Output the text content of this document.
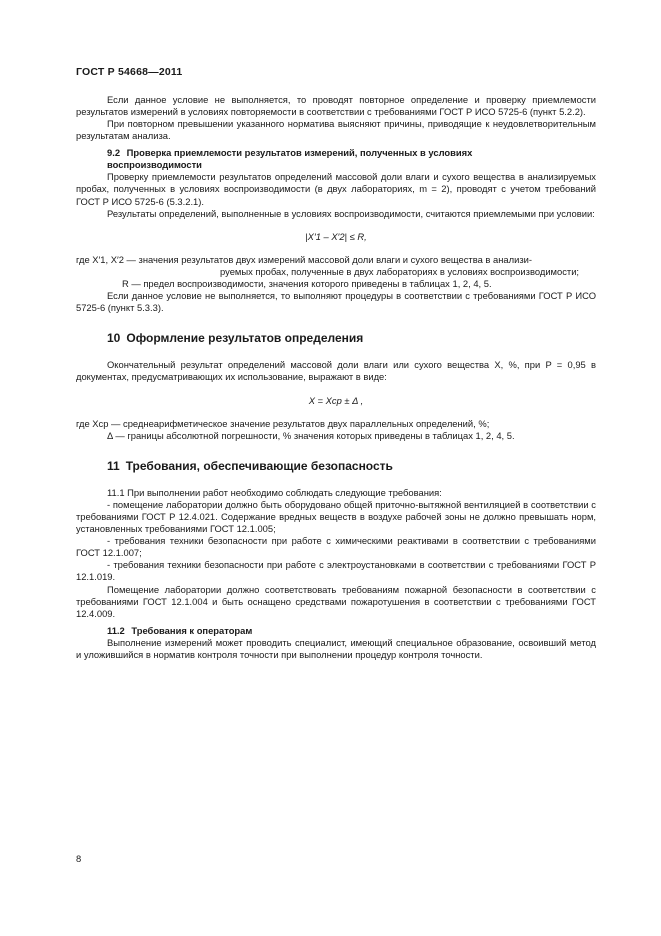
ГОСТ Р 54668—2011

Если данное условие не выполняется, то проводят повторное определение и проверку приемлемости результатов измерений в условиях повторяемости в соответствии с требованиями ГОСТ Р ИСО 5725-6 (пункт 5.2.2).

При повторном превышении указанного норматива выясняют причины, приводящие к неудовлетворительным результатам анализа.

9.2 Проверка приемлемости результатов измерений, полученных в условиях
воспроизводимости

Проверку приемлемости результатов определений массовой доли влаги и сухого вещества в анализируемых пробах, полученных в условиях воспроизводимости (в двух лабораториях, m = 2), проводят с учетом требований ГОСТ Р ИСО 5725-6 (5.3.2.1).

Результаты определений, выполненные в условиях воспроизводимости, считаются приемлемыми при условии:

|X′1 – X′2| ≤ R,

где X′1, X′2 — значения результатов двух измерений массовой доли влаги и сухого вещества в анализи-

руемых пробах, полученные в двух лабораториях в условиях воспроизводимости;

R — предел воспроизводимости, значения которого приведены в таблицах 1, 2, 4, 5.

Если данное условие не выполняется, то выполняют процедуры в соответствии с требованиями ГОСТ Р ИСО 5725-6 (пункт 5.3.3).

10 Оформление результатов определения

Окончательный результат определений массовой доли влаги или сухого вещества X, %, при P = 0,95 в документах, предусматривающих их использование, выражают в виде:

X = Xср ± Δ ,

где Xср — среднеарифметическое значение результатов двух параллельных определений, %;

Δ — границы абсолютной погрешности, % значения которых приведены в таблицах 1, 2, 4, 5.

11 Требования, обеспечивающие безопасность

11.1 При выполнении работ необходимо соблюдать следующие требования:

- помещение лаборатории должно быть оборудовано общей приточно-вытяжной вентиляцией в соответствии с требованиями ГОСТ Р 12.4.021. Содержание вредных веществ в воздухе рабочей зоны не должно превышать норм, установленных требованиями ГОСТ 12.1.005;

- требования техники безопасности при работе с химическими реактивами в соответствии с требованиями ГОСТ 12.1.007;

- требования техники безопасности при работе с электроустановками в соответствии с требованиями ГОСТ Р 12.1.019.

Помещение лаборатории должно соответствовать требованиям пожарной безопасности в соответствии с требованиями ГОСТ 12.1.004 и быть оснащено средствами пожаротушения в соответствии с требованиями ГОСТ 12.4.009.

11.2 Требования к операторам

Выполнение измерений может проводить специалист, имеющий специальное образование, освоивший метод и уложившийся в норматив контроля точности при выполнении процедур контроля точности.

8
